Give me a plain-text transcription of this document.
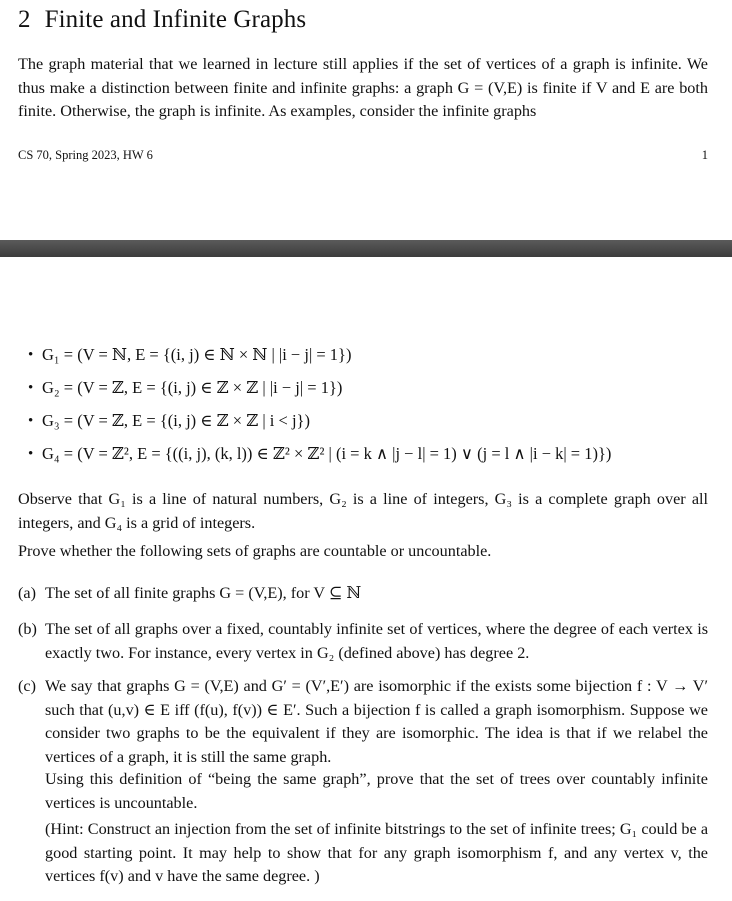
2 Finite and Infinite Graphs

The graph material that we learned in lecture still applies if the set of vertices of a graph is infinite. We thus make a distinction between finite and infinite graphs: a graph G = (V,E) is finite if V and E are both finite. Otherwise, the graph is infinite. As examples, consider the infinite graphs

CS 70, Spring 2023, HW 6	1
• G₁ = (V = ℕ, E = {(i, j) ∈ ℕ × ℕ | |i − j| = 1})
• G₂ = (V = ℤ, E = {(i, j) ∈ ℤ × ℤ | |i − j| = 1})
• G₃ = (V = ℤ, E = {(i, j) ∈ ℤ × ℤ | i < j})
• G₄ = (V = ℤ², E = {((i, j), (k, l)) ∈ ℤ² × ℤ² | (i = k ∧ |j − l| = 1) ∨ (j = l ∧ |i − k| = 1)})

Observe that G₁ is a line of natural numbers, G₂ is a line of integers, G₃ is a complete graph over all integers, and G₄ is a grid of integers.

Prove whether the following sets of graphs are countable or uncountable.

(a) The set of all finite graphs G = (V,E), for V ⊆ ℕ
(b) The set of all graphs over a fixed, countably infinite set of vertices, where the degree of each vertex is exactly two. For instance, every vertex in G₂ (defined above) has degree 2.
(c) We say that graphs G = (V,E) and G′ = (V′,E′) are isomorphic if the exists some bijection f : V → V′ such that (u,v) ∈ E iff (f(u), f(v)) ∈ E′. Such a bijection f is called a graph isomorphism. Suppose we consider two graphs to be the equivalent if they are isomorphic. The idea is that if we relabel the vertices of a graph, it is still the same graph.

Using this definition of “being the same graph”, prove that the set of trees over countably infinite vertices is uncountable.

(Hint: Construct an injection from the set of infinite bitstrings to the set of infinite trees; G₁ could be a good starting point. It may help to show that for any graph isomorphism f, and any vertex v, the vertices f(v) and v have the same degree. )
